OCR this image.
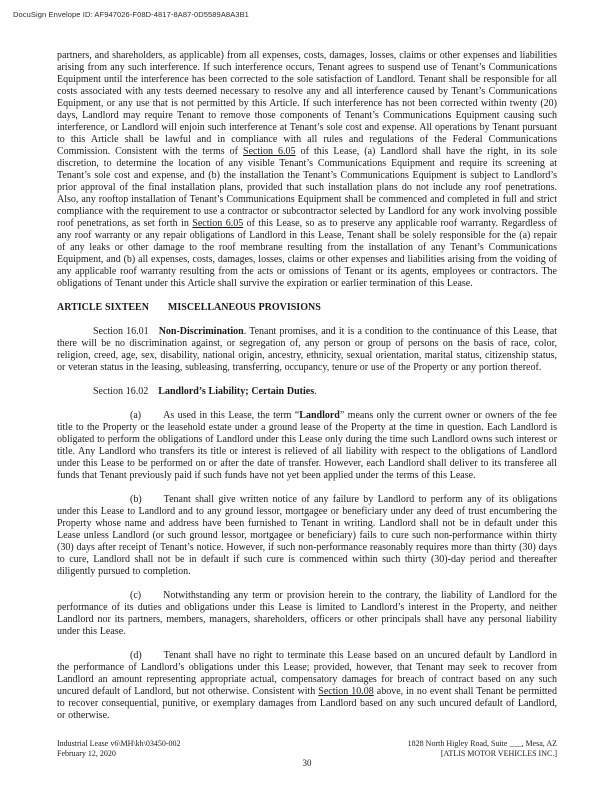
DocuSign Envelope ID: AF947026-F08D-4817-8A87-0D5589A8A3B1

partners, and shareholders, as applicable) from all expenses, costs, damages, losses, claims or other expenses and liabilities arising from any such interference. If such interference occurs, Tenant agrees to suspend use of Tenant’s Communications Equipment until the interference has been corrected to the sole satisfaction of Landlord. Tenant shall be responsible for all costs associated with any tests deemed necessary to resolve any and all interference caused by Tenant’s Communications Equipment, or any use that is not permitted by this Article. If such interference has not been corrected within twenty (20) days, Landlord may require Tenant to remove those components of Tenant’s Communications Equipment causing such interference, or Landlord will enjoin such interference at Tenant’s sole cost and expense. All operations by Tenant pursuant to this Article shall be lawful and in compliance with all rules and regulations of the Federal Communications Commission. Consistent with the terms of Section 6.05 of this Lease, (a) Landlord shall have the right, in its sole discretion, to determine the location of any visible Tenant’s Communications Equipment and require its screening at Tenant’s sole cost and expense, and (b) the installation the Tenant’s Communications Equipment is subject to Landlord’s prior approval of the final installation plans, provided that such installation plans do not include any roof penetrations. Also, any rooftop installation of Tenant’s Communications Equipment shall be commenced and completed in full and strict compliance with the requirement to use a contractor or subcontractor selected by Landlord for any work involving possible roof penetrations, as set forth in Section 6.05 of this Lease, so as to preserve any applicable roof warranty. Regardless of any roof warranty or any repair obligations of Landlord in this Lease, Tenant shall be solely responsible for the (a) repair of any leaks or other damage to the roof membrane resulting from the installation of any Tenant’s Communications Equipment, and (b) all expenses, costs, damages, losses, claims or other expenses and liabilities arising from the voiding of any applicable roof warranty resulting from the acts or omissions of Tenant or its agents, employees or contractors. The obligations of Tenant under this Article shall survive the expiration or earlier termination of this Lease.

ARTICLE SIXTEEN MISCELLANEOUS PROVISIONS

Section 16.01 Non-Discrimination. Tenant promises, and it is a condition to the continuance of this Lease, that there will be no discrimination against, or segregation of, any person or group of persons on the basis of race, color, religion, creed, age, sex, disability, national origin, ancestry, ethnicity, sexual orientation, marital status, citizenship status, or veteran status in the leasing, subleasing, transferring, occupancy, tenure or use of the Property or any portion thereof.

Section 16.02 Landlord’s Liability; Certain Duties.

(a) As used in this Lease, the term “Landlord” means only the current owner or owners of the fee title to the Property or the leasehold estate under a ground lease of the Property at the time in question. Each Landlord is obligated to perform the obligations of Landlord under this Lease only during the time such Landlord owns such interest or title. Any Landlord who transfers its title or interest is relieved of all liability with respect to the obligations of Landlord under this Lease to be performed on or after the date of transfer. However, each Landlord shall deliver to its transferee all funds that Tenant previously paid if such funds have not yet been applied under the terms of this Lease.

(b) Tenant shall give written notice of any failure by Landlord to perform any of its obligations under this Lease to Landlord and to any ground lessor, mortgagee or beneficiary under any deed of trust encumbering the Property whose name and address have been furnished to Tenant in writing. Landlord shall not be in default under this Lease unless Landlord (or such ground lessor, mortgagee or beneficiary) fails to cure such non-performance within thirty (30) days after receipt of Tenant’s notice. However, if such non-performance reasonably requires more than thirty (30) days to cure, Landlord shall not be in default if such cure is commenced within such thirty (30)-day period and thereafter diligently pursued to completion.

(c) Notwithstanding any term or provision herein to the contrary, the liability of Landlord for the performance of its duties and obligations under this Lease is limited to Landlord’s interest in the Property, and neither Landlord nor its partners, members, managers, shareholders, officers or other principals shall have any personal liability under this Lease.

(d) Tenant shall have no right to terminate this Lease based on an uncured default by Landlord in the performance of Landlord’s obligations under this Lease; provided, however, that Tenant may seek to recover from Landlord an amount representing appropriate actual, compensatory damages for breach of contract based on any such uncured default of Landlord, but not otherwise. Consistent with Section 10.08 above, in no event shall Tenant be permitted to recover consequential, punitive, or exemplary damages from Landlord based on any such uncured default of Landlord, or otherwise.

Industrial Lease v6\MH\kh\03450-002
February 12, 2020
1828 North Higley Road, Suite ___, Mesa, AZ
[ATLIS MOTOR VEHICLES INC.]
30
